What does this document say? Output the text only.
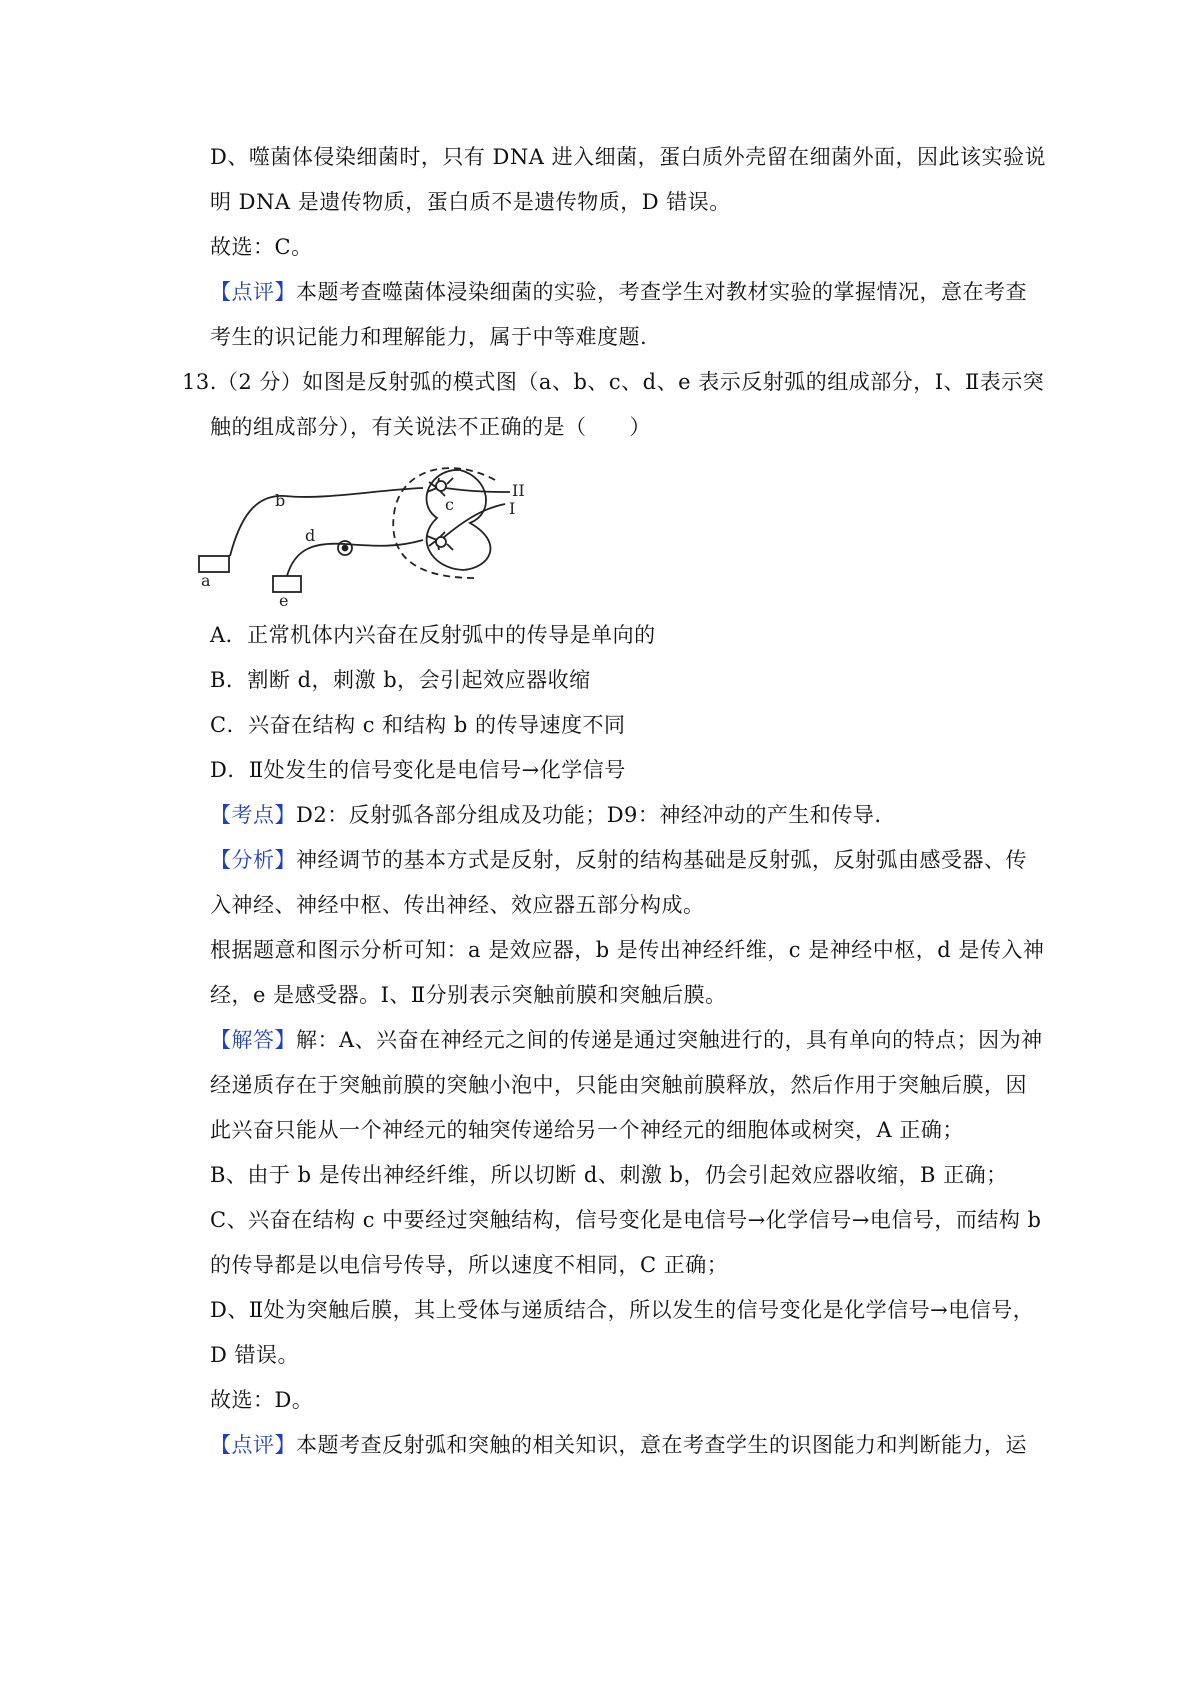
D、噬菌体侵染细菌时，只有 DNA 进入细菌，蛋白质外壳留在细菌外面，因此该实验说
明 DNA 是遗传物质，蛋白质不是遗传物质，D 错误。
故选：C。
【点评】本题考查噬菌体浸染细菌的实验，考查学生对教材实验的掌握情况，意在考查
考生的识记能力和理解能力，属于中等难度题.
13.（2 分）如图是反射弧的模式图（a、b、c、d、e 表示反射弧的组成部分，Ⅰ、Ⅱ表示突
触的组成部分），有关说法不正确的是（　　）
b
d
c
II
I
a
e
A．正常机体内兴奋在反射弧中的传导是单向的
B．割断 d，刺激 b，会引起效应器收缩
C．兴奋在结构 c 和结构 b 的传导速度不同
D．Ⅱ处发生的信号变化是电信号→化学信号
【考点】D2：反射弧各部分组成及功能；D9：神经冲动的产生和传导.
【分析】神经调节的基本方式是反射，反射的结构基础是反射弧，反射弧由感受器、传
入神经、神经中枢、传出神经、效应器五部分构成。
根据题意和图示分析可知：a 是效应器，b 是传出神经纤维，c 是神经中枢，d 是传入神
经，e 是感受器。I、Ⅱ分别表示突触前膜和突触后膜。
【解答】解：A、兴奋在神经元之间的传递是通过突触进行的，具有单向的特点；因为神
经递质存在于突触前膜的突触小泡中，只能由突触前膜释放，然后作用于突触后膜，因
此兴奋只能从一个神经元的轴突传递给另一个神经元的细胞体或树突，A 正确；
B、由于 b 是传出神经纤维，所以切断 d、刺激 b，仍会引起效应器收缩，B 正确；
C、兴奋在结构 c 中要经过突触结构，信号变化是电信号→化学信号→电信号，而结构 b
的传导都是以电信号传导，所以速度不相同，C 正确；
D、Ⅱ处为突触后膜，其上受体与递质结合，所以发生的信号变化是化学信号→电信号，
D 错误。
故选：D。
【点评】本题考查反射弧和突触的相关知识，意在考查学生的识图能力和判断能力，运
